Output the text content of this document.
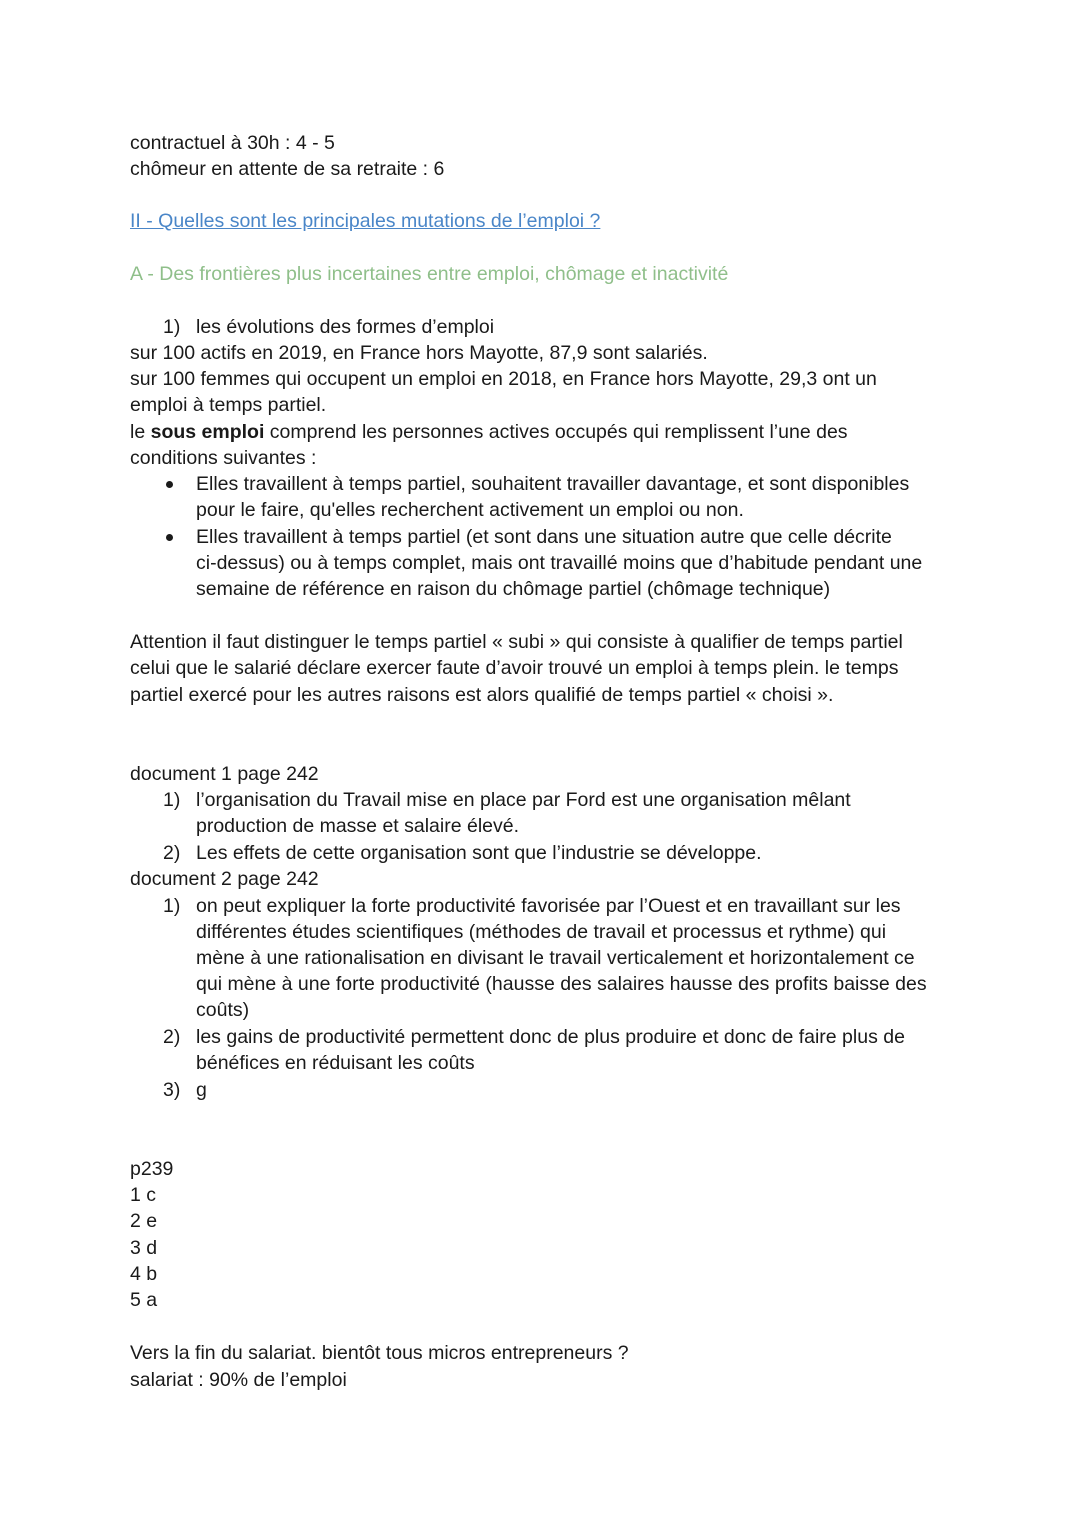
contractuel à 30h : 4 - 5
chômeur en attente de sa retraite : 6
II - Quelles sont les principales mutations de l’emploi ?
A - Des frontières plus incertaines entre emploi, chômage et inactivité
1) les évolutions des formes d’emploi
sur 100 actifs en 2019, en France hors Mayotte, 87,9 sont salariés.
sur 100 femmes qui occupent un emploi en 2018, en France hors Mayotte, 29,3 ont un
emploi à temps partiel.
le sous emploi comprend les personnes actives occupés qui remplissent l’une des
conditions suivantes :
Elles travaillent à temps partiel, souhaitent travailler davantage, et sont disponibles
pour le faire, qu'elles recherchent activement un emploi ou non.
Elles travaillent à temps partiel (et sont dans une situation autre que celle décrite
ci-dessus) ou à temps complet, mais ont travaillé moins que d’habitude pendant une
semaine de référence en raison du chômage partiel (chômage technique)
Attention il faut distinguer le temps partiel « subi » qui consiste à qualifier de temps partiel
celui que le salarié déclare exercer faute d’avoir trouvé un emploi à temps plein. le temps
partiel exercé pour les autres raisons est alors qualifié de temps partiel « choisi ».
document 1 page 242
1) l’organisation du Travail mise en place par Ford est une organisation mêlant
production de masse et salaire élevé.
2) Les effets de cette organisation sont que l’industrie se développe.
document 2 page 242
1) on peut expliquer la forte productivité favorisée par l’Ouest et en travaillant sur les
différentes études scientifiques (méthodes de travail et processus et rythme) qui
mène à une rationalisation en divisant le travail verticalement et horizontalement ce
qui mène à une forte productivité (hausse des salaires hausse des profits baisse des
coûts)
2) les gains de productivité permettent donc de plus produire et donc de faire plus de
bénéfices en réduisant les coûts
3) g
p239
1 c
2 e
3 d
4 b
5 a
Vers la fin du salariat. bientôt tous micros entrepreneurs ?
salariat : 90% de l’emploi
